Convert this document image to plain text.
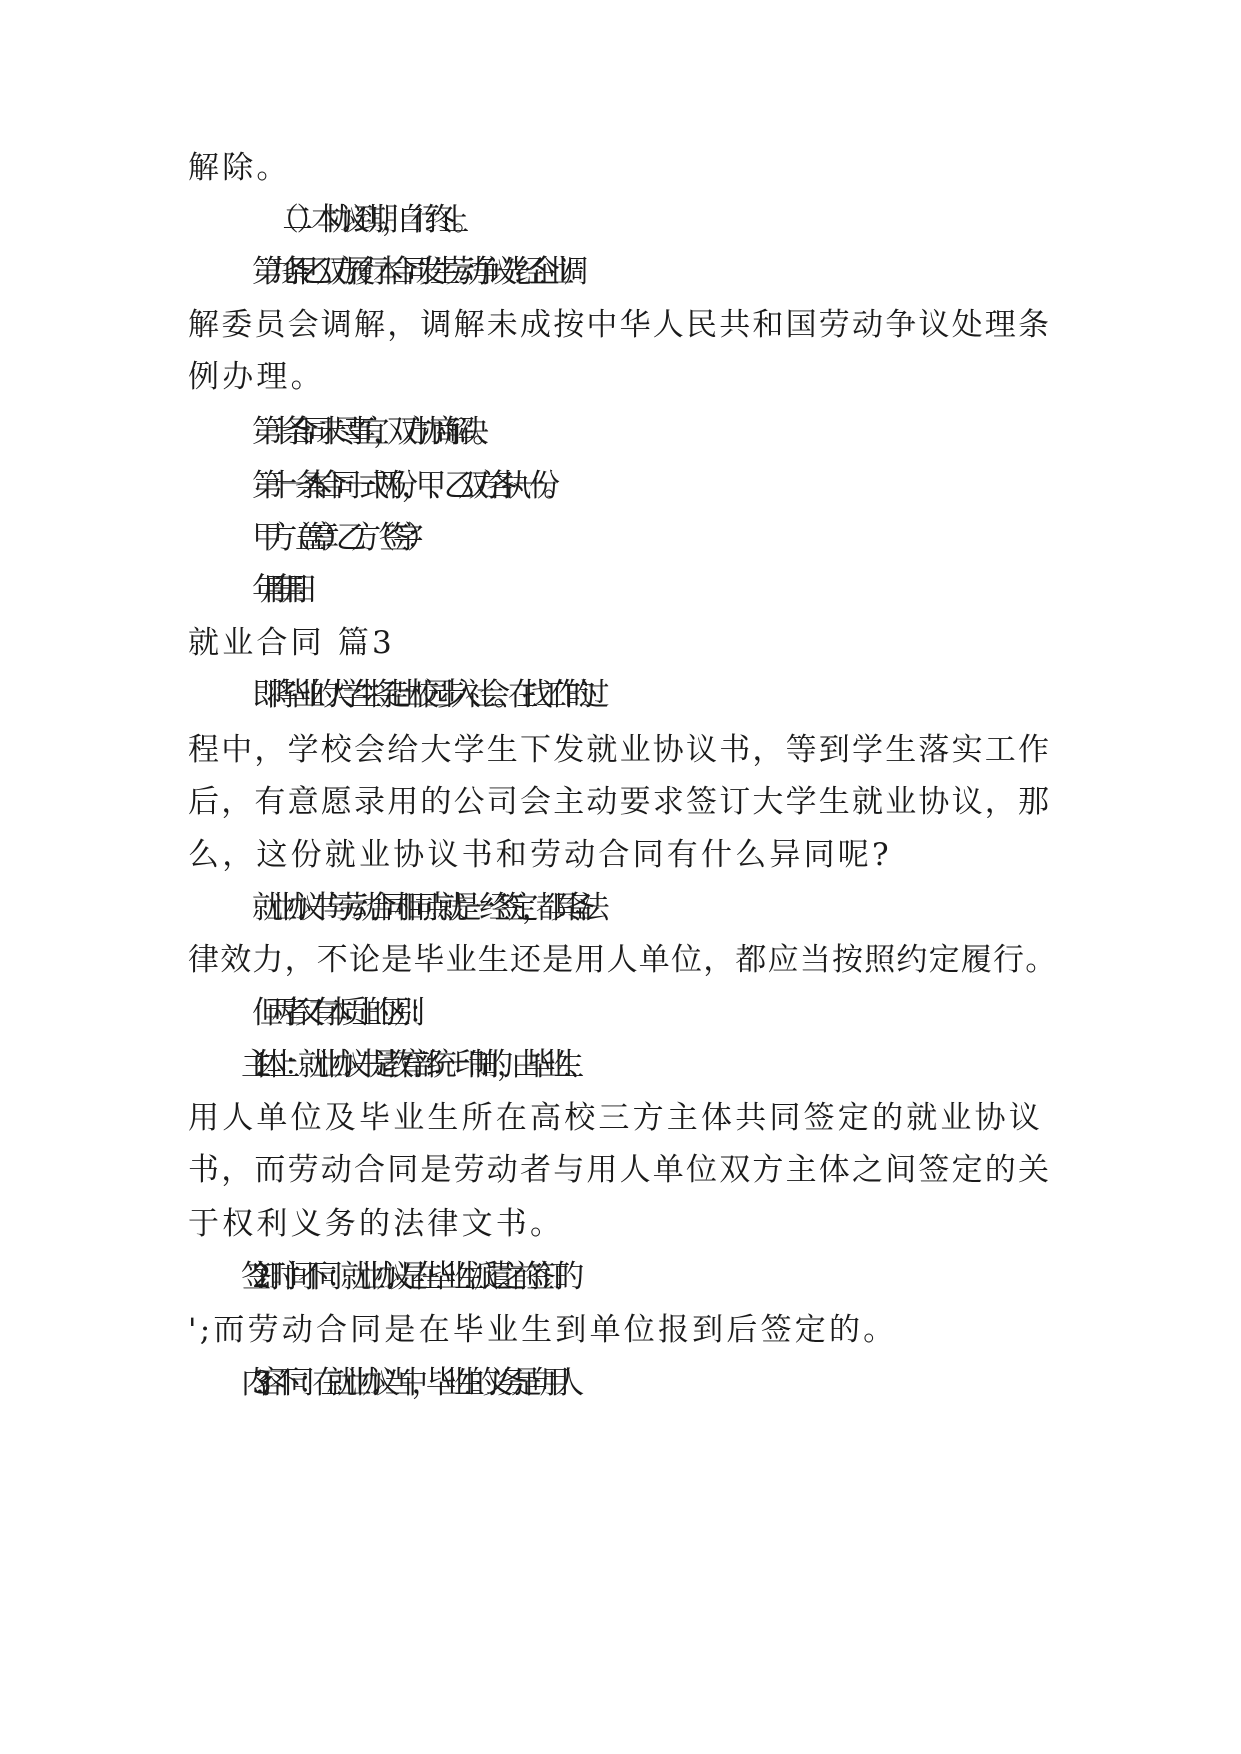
解除。
（二）本协议到期，自行终止。
第九条 甲乙双方履行本合同发生劳动争议先经企业调
解委员会调解，调解未成按中华人民共和国劳动争议处理条
例办理。
第十条 合同未尽事宜，双方协商解决。
第十一条 本合同一式两份，甲、乙双方各执一份。
甲方（盖章）：乙方（签字）：
年 月 日 年 月 日
就业合同 篇3
即将毕业的大学生将走出校园步入社会。在找工作的过
程中，学校会给大学生下发就业协议书，等到学生落实工作
后，有意愿录用的公司会主动要求签订大学生就业协议，那
么，这份就业协议书和劳动合同有什么异同呢?
就业协议书与劳动合同相同点就是一经签定，都具备法
律效力，不论是毕业生还是用人单位，都应当按照约定履行。
但两者又有本质上的区别：
1. 主体上：就业协议书是教育部统一印制的，由毕业生、
用人单位及毕业生所在高校三方主体共同签定的就业协议
书，而劳动合同是劳动者与用人单位双方主体之间签定的关
于权利义务的法律文书。
2. 签订时间不同：就业协议是在毕业生派遣之前签订的
';而劳动合同是在毕业生到单位报到后签定的。
3. 内容不同：在就业协议当中，毕业生的义务是向用人
